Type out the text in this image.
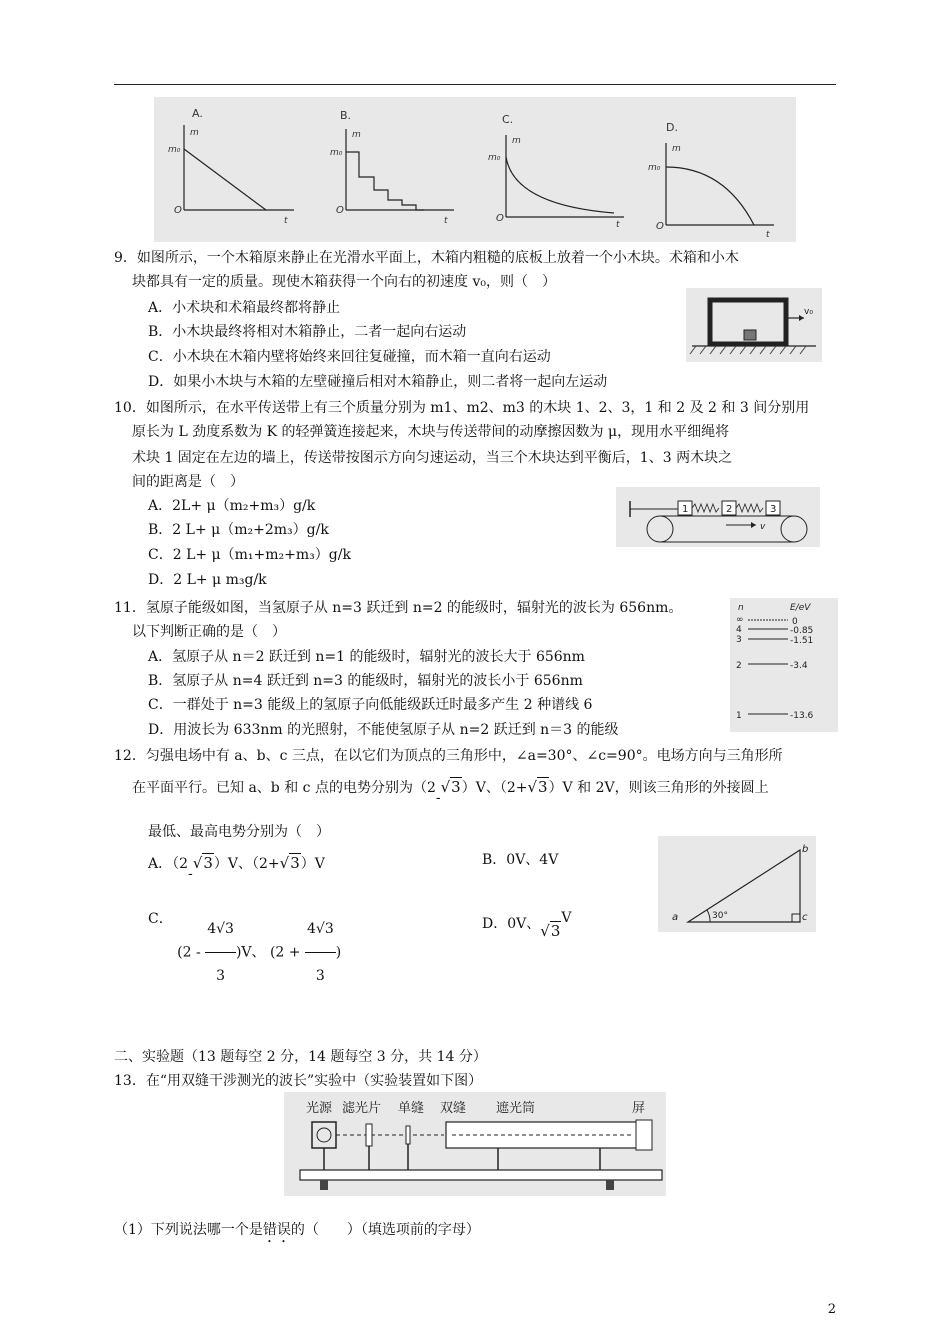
A.
m
m₀
O
t
B.
m
m₀
O
t
C.
m
m₀
O
t
D.
m
m₀
O
t
9．如图所示，一个木箱原来静止在光滑水平面上，木箱内粗糙的底板上放着一个小木块。术箱和小木
块都具有一定的质量。现使木箱获得一个向右的初速度 v₀，则（　）
A．小术块和术箱最终都将静止
B．小木块最终将相对木箱静止，二者一起向右运动
C．小木块在木箱内壁将始终来回往复碰撞，而木箱一直向右运动
D．如果小木块与木箱的左壁碰撞后相对木箱静止，则二者将一起向左运动
v₀
10．如图所示，在水平传送带上有三个质量分别为 m1、m2、m3 的木块 1、2、3，1 和 2 及 2 和 3 间分别用
原长为 L 劲度系数为 K 的轻弹簧连接起来，木块与传送带间的动摩擦因数为 μ，现用水平细绳将
术块 1 固定在左边的墙上，传送带按图示方向匀速运动，当三个木块达到平衡后，1、3 两木块之
间的距离是（　）
A．2L+ μ（m₂+m₃）g/k
B．2 L+ μ（m₂+2m₃）g/k
C．2 L+ μ（m₁+m₂+m₃）g/k
D．2 L+ μ m₃g/k
1	2	3
v
11．氢原子能级如图，当氢原子从 n=3 跃迁到 n=2 的能级时，辐射光的波长为 656nm。
以下判断正确的是（　）
A．氢原子从 n＝2 跃迁到 n=1 的能级时，辐射光的波长大于 656nm
B．氢原子从 n=4 跃迁到 n=3 的能级时，辐射光的波长小于 656nm
C．一群处于 n=3 能级上的氢原子向低能级跃迁时最多产生 2 种谱线 6
D．用波长为 633nm 的光照射，不能使氢原子从 n=2 跃迁到 n＝3 的能级
n	E/eV
∞	0
4	-0.85
3	-1.51
2	-3.4
1	-13.6
12．匀强电场中有 a、b、c 三点，在以它们为顶点的三角形中，∠a=30°、∠c=90°。电场方向与三角形所
在平面平行。已知 a、b 和 c 点的电势分别为（2-√3）V、（2+√3）V 和 2V，则该三角形的外接圆上
最低、最高电势分别为（　）
A．（2-√3）V、（2+√3）V	B．0V、4V
C． $(2 - \frac{4√3}{3} )V$、 ($2 + \frac{4√3}{3}$ )
D．0V、√3V	30°
a
b
c
二、实验题（13 题每空 2 分，14 题每空 3 分，共 14 分）
13．在“用双缝干涉测光的波长”实验中（实验装置如下图）
光源 滤光片 单缝 双缝 遮光筒	屏
（1）下列说法哪一个是错误的（　　）（填选项前的字母）
2
